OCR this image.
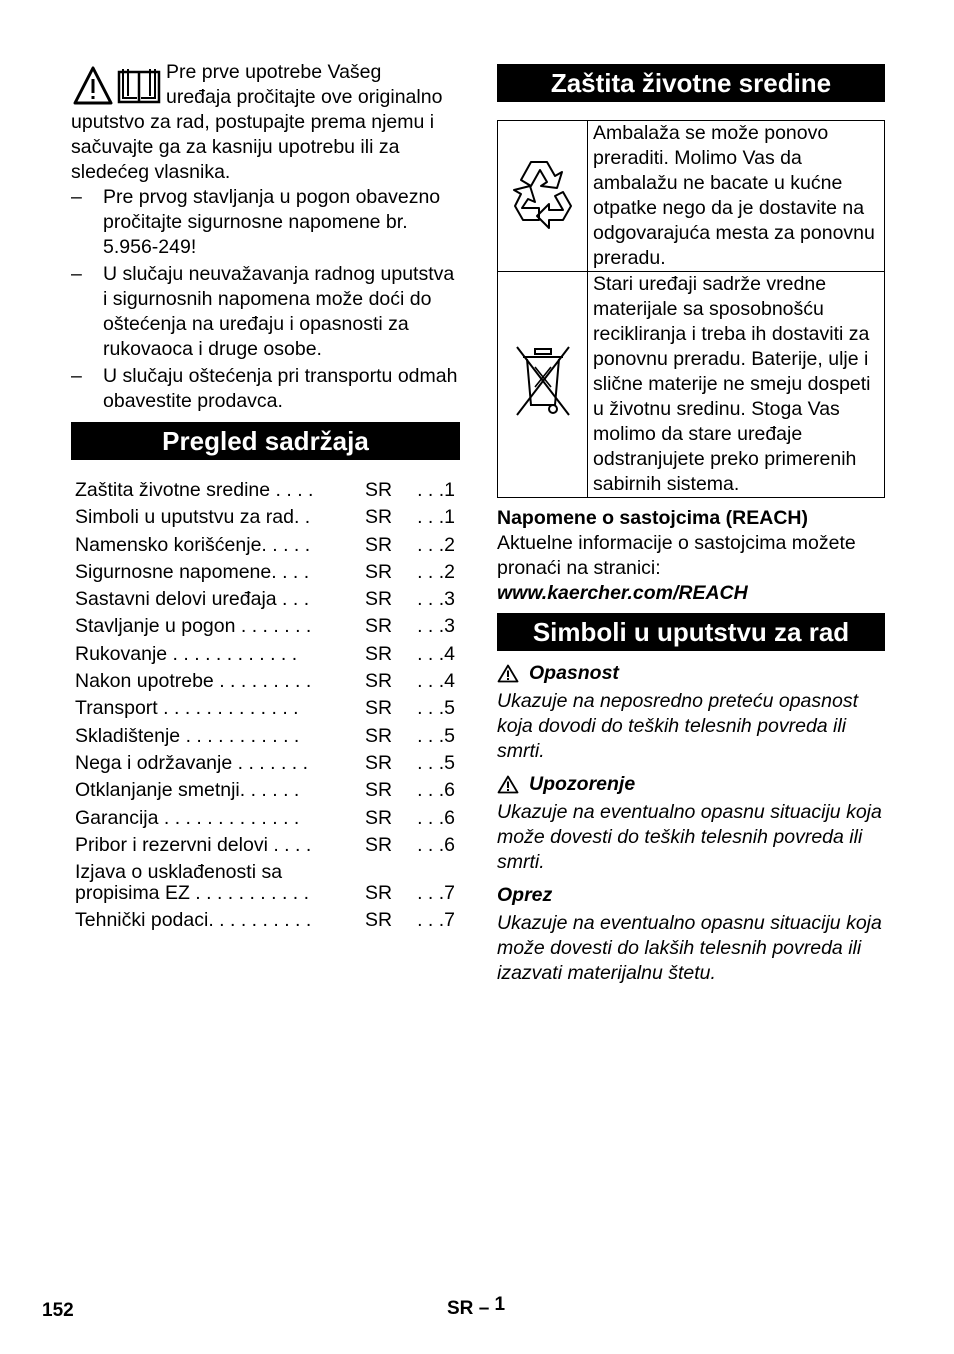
Pre prve upotrebe Vašeg
uređaja pročitajte ove originalno
uputstvo za rad, postupajte prema njemu i
sačuvajte ga za kasniju upotrebu ili za
sledećeg vlasnika.
– Pre prvog stavljanja u pogon obavezno pročitajte sigurnosne napomene br. 5.956-249!
– U slučaju neuvažavanja radnog uputstva i sigurnosnih napomena može doći do oštećenja na uređaju i opasnosti za rukovaoca i druge osobe.
– U slučaju oštećenja pri transportu odmah obavestite prodavca.
Pregled sadržaja
Zaštita životne sredine . . . .	SR	. . .1
Simboli u uputstvu za rad. .	SR	. . .1
Namensko korišćenje. . . . .	SR	. . .2
Sigurnosne napomene. . . .	SR	. . .2
Sastavni delovi uređaja . . .	SR	. . .3
Stavljanje u pogon . . . . . . .	SR	. . .3
Rukovanje . . . . . . . . . . . .	SR	. . .4
Nakon upotrebe . . . . . . . . .	SR	. . .4
Transport . . . . . . . . . . . . .	SR	. . .5
Skladištenje . . . . . . . . . . .	SR	. . .5
Nega i održavanje . . . . . . .	SR	. . .5
Otklanjanje smetnji. . . . . .	SR	. . .6
Garancija . . . . . . . . . . . . .	SR	. . .6
Pribor i rezervni delovi . . . .	SR	. . .6
Izjava o usklađenosti sa propisima EZ . . . . . . . . . . .	SR	. . .7
Tehnički podaci. . . . . . . . . .	SR	. . .7
Zaštita životne sredine
	Ambalaža se može ponovo preraditi. Molimo Vas da ambalažu ne bacate u kućne otpatke nego da je dostavite na odgovarajuća mesta za ponovnu preradu.
	Stari uređaji sadrže vredne materijale sa sposobnošću recikliranja i treba ih dostaviti za ponovnu preradu. Baterije, ulje i slične materije ne smeju dospeti u životnu sredinu. Stoga Vas molimo da stare uređaje odstranjujete preko primerenih sabirnih sistema.
Napomene o sastojcima (REACH)
Aktuelne informacije o sastojcima možete pronaći na stranici:
www.kaercher.com/REACH
Simboli u uputstvu za rad
Opasnost
Ukazuje na neposredno preteću opasnost koja dovodi do teških telesnih povreda ili smrti.
Upozorenje
Ukazuje na eventualno opasnu situaciju koja može dovesti do teških telesnih povreda ili smrti.
Oprez
Ukazuje na eventualno opasnu situaciju koja može dovesti do lakših telesnih povreda ili izazvati materijalnu štetu.
152	SR – 1
